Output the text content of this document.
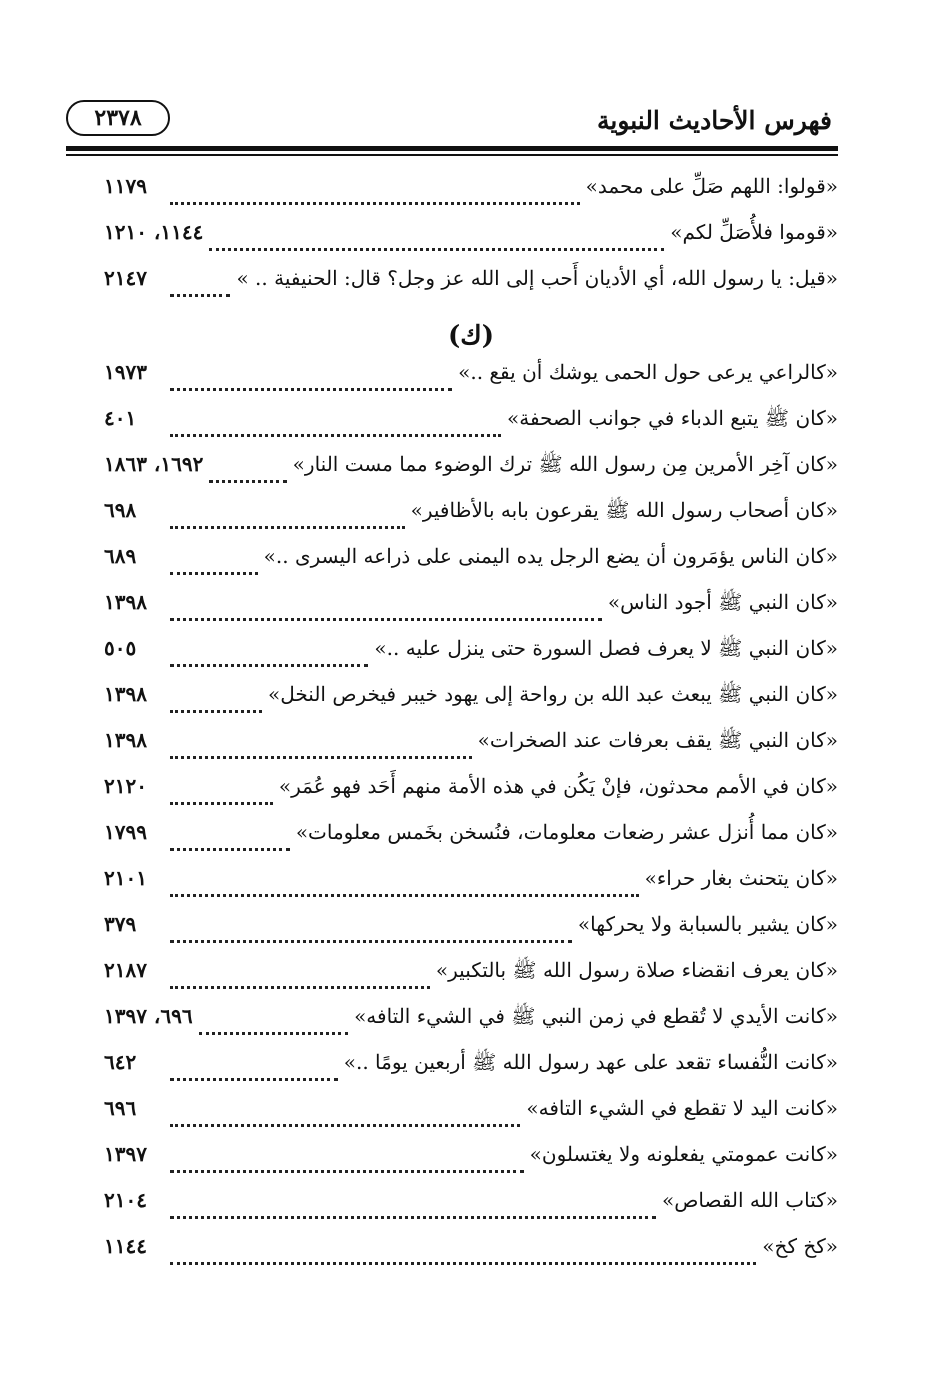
فهرس الأحاديث النبوية
٢٣٧٨
«قولوا: اللهم صَلِّ على محمد»
١١٧٩
«قوموا فلأُصَلِّ لكم»
١١٤٤، ١٢١٠
«قيل: يا رسول الله، أي الأديان أَحب إلى الله عز وجل؟ قال: الحنيفية .. »
٢١٤٧
(ك)
«كالراعي يرعى حول الحمى يوشك أن يقع ..»
١٩٧٣
«كان ﷺ يتبع الدباء في جوانب الصحفة»
٤٠١
«كان آخِر الأمرين مِن رسول الله ﷺ ترك الوضوء مما مست النار»
١٦٩٢، ١٨٦٣
«كان أصحاب رسول الله ﷺ يقرعون بابه بالأظافير»
٦٩٨
«كان الناس يؤمَرون أن يضع الرجل يده اليمنى على ذراعه اليسرى ..»
٦٨٩
«كان النبي ﷺ أجود الناس»
١٣٩٨
«كان النبي ﷺ لا يعرف فصل السورة حتى ينزل عليه ..»
٥٠٥
«كان النبي ﷺ يبعث عبد الله بن رواحة إلى يهود خيبر فيخرص النخل»
١٣٩٨
«كان النبي ﷺ يقف بعرفات عند الصخرات»
١٣٩٨
«كان في الأمم محدثون، فإنْ يَكُن في هذه الأمة منهم أَحَد فهو عُمَر»
٢١٢٠
«كان مما أُنزل عشر رضعات معلومات، فنُسخن بخَمس معلومات»
١٧٩٩
«كان يتحنث بغار حراء»
٢١٠١
«كان يشير بالسبابة ولا يحركها»
٣٧٩
«كان يعرف انقضاء صلاة رسول الله ﷺ بالتكبير»
٢١٨٧
«كانت الأيدي لا تُقطع في زمن النبي ﷺ في الشيء التافه»
٦٩٦، ١٣٩٧
«كانت النُّفساء تقعد على عهد رسول الله ﷺ أربعين يومًا ..»
٦٤٢
«كانت اليد لا تقطع في الشيء التافه»
٦٩٦
«كانت عمومتي يفعلونه ولا يغتسلون»
١٣٩٧
«كتاب الله القصاص»
٢١٠٤
«كخ كخ»
١١٤٤
